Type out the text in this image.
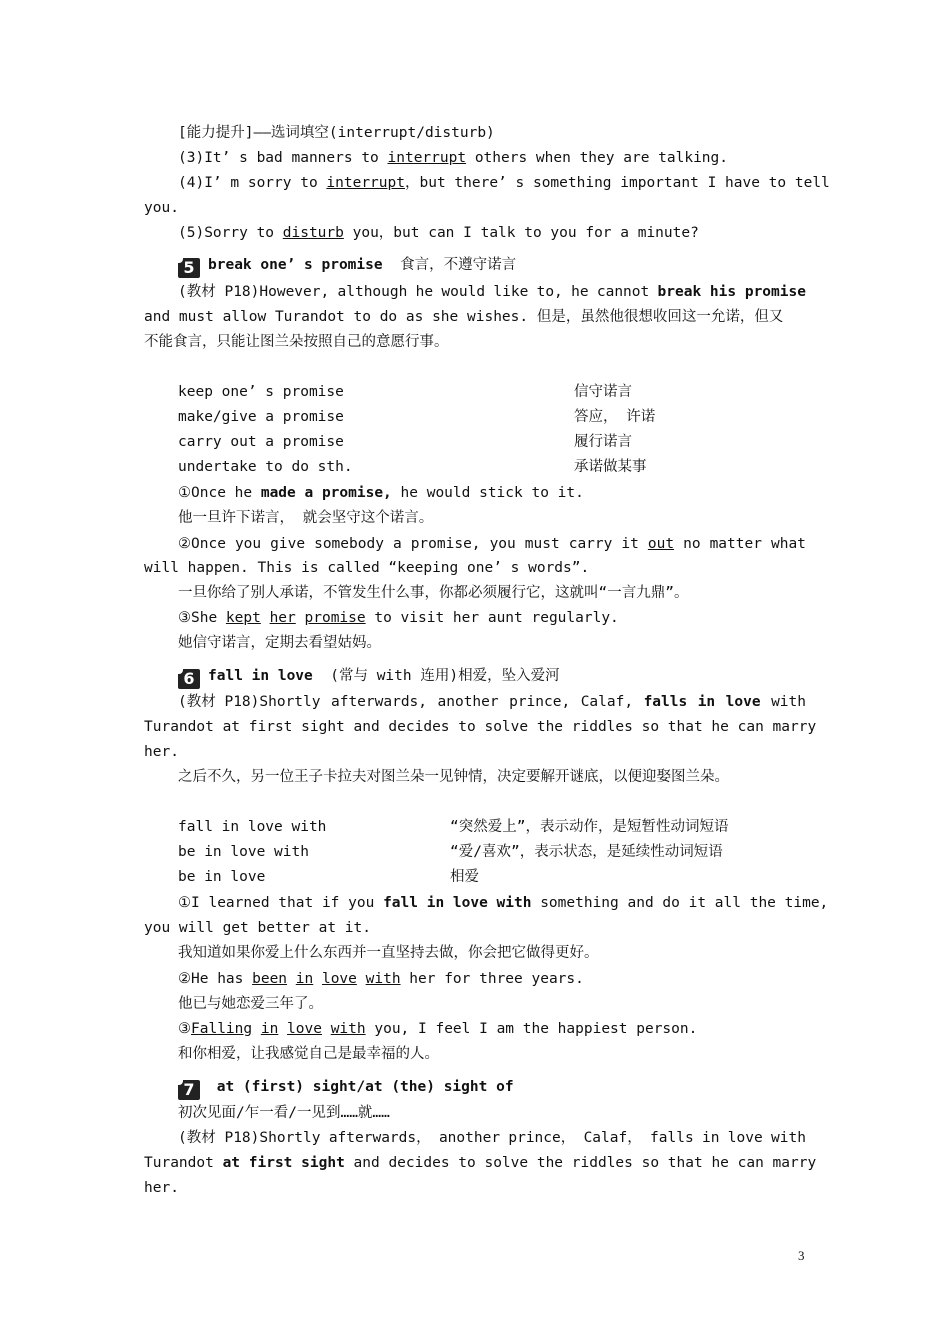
[能力提升]——选词填空(interrupt/disturb)
(3)It’ s bad manners to interrupt others when they are talking.
(4)I’ m sorry to interrupt，but there’ s something important I have to tell
you.
(5)Sorry to disturb you，but can I talk to you for a minute?
5 break one’ s promise 食言，不遵守诺言
(教材 P18)However, although he would like to, he cannot break his promise
and must allow Turandot to do as she wishes. 但是，虽然他很想收回这一允诺，但又
不能食言，只能让图兰朵按照自己的意愿行事。
keep one’ s promise	信守诺言
make/give a promise	答应， 许诺
carry out a promise	履行诺言
undertake to do sth.	承诺做某事
①Once he made a promise, he would stick to it.
他一旦许下诺言， 就会坚守这个诺言。
②Once you give somebody a promise, you must carry it out no matter what
will happen. This is called “keeping one’ s words”.
一旦你给了别人承诺，不管发生什么事，你都必须履行它，这就叫“一言九鼎”。
③She kept her promise to visit her aunt regularly.
她信守诺言，定期去看望姑妈。
6 fall in love (常与 with 连用)相爱，坠入爱河
(教材 P18)Shortly afterwards, another prince, Calaf, falls in love with
Turandot at first sight and decides to solve the riddles so that he can marry
her.
之后不久，另一位王子卡拉夫对图兰朵一见钟情，决定要解开谜底，以便迎娶图兰朵。
fall in love with	“突然爱上”，表示动作，是短暂性动词短语
be in love with	“爱/喜欢”，表示状态，是延续性动词短语
be in love	相爱
①I learned that if you fall in love with something and do it all the time,
you will get better at it.
我知道如果你爱上什么东西并一直坚持去做，你会把它做得更好。
②He has been in love with her for three years.
他已与她恋爱三年了。
③Falling in love with you, I feel I am the happiest person.
和你相爱，让我感觉自己是最幸福的人。
7 at (first) sight/at (the) sight of
初次见面/乍一看/一见到……就……
(教材 P18)Shortly afterwards， another prince， Calaf， falls in love with
Turandot at first sight and decides to solve the riddles so that he can marry
her.
3
